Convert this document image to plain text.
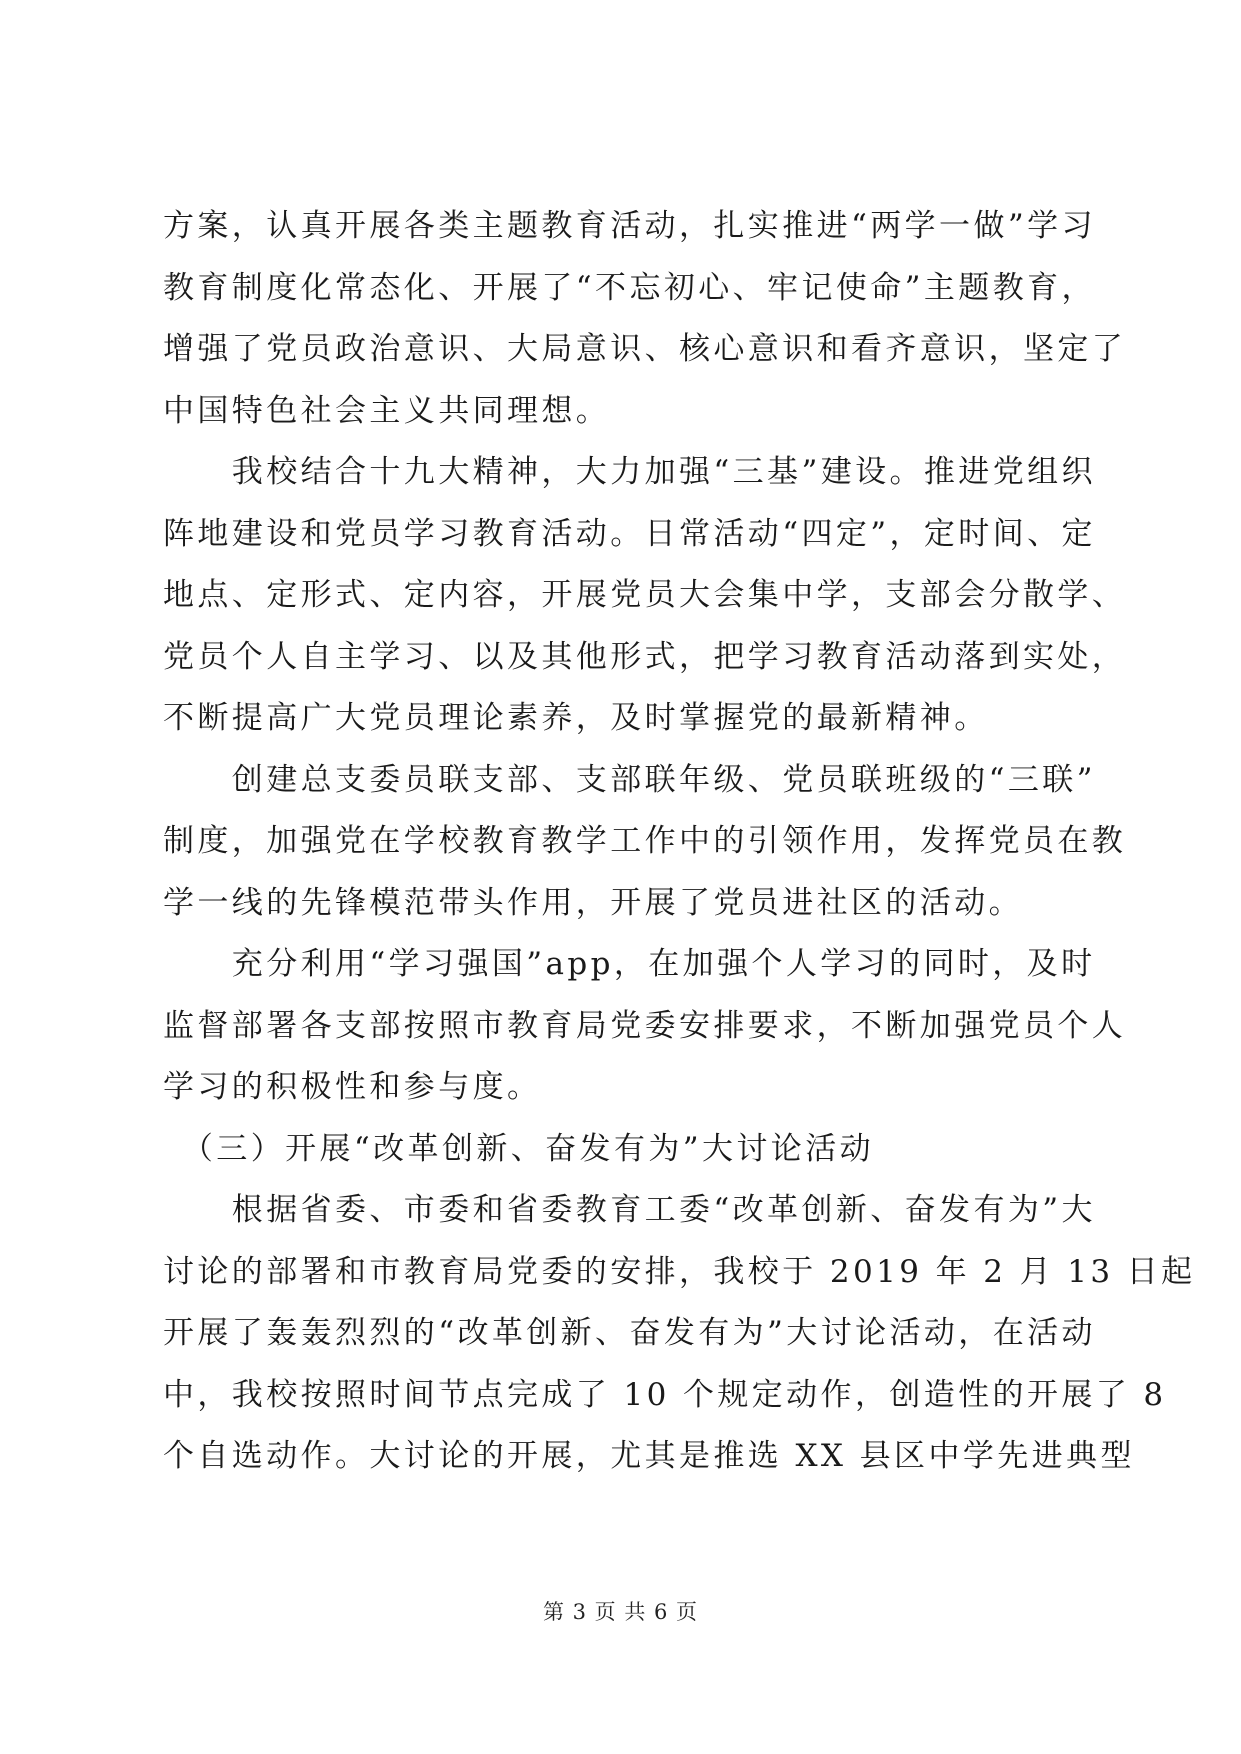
方案，认真开展各类主题教育活动，扎实推进“两学一做”学习
教育制度化常态化、开展了“不忘初心、牢记使命”主题教育，
增强了党员政治意识、大局意识、核心意识和看齐意识，坚定了
中国特色社会主义共同理想。
　　我校结合十九大精神，大力加强“三基”建设。推进党组织
阵地建设和党员学习教育活动。日常活动“四定”，定时间、定
地点、定形式、定内容，开展党员大会集中学，支部会分散学、
党员个人自主学习、以及其他形式，把学习教育活动落到实处，
不断提高广大党员理论素养，及时掌握党的最新精神。
　　创建总支委员联支部、支部联年级、党员联班级的“三联”
制度，加强党在学校教育教学工作中的引领作用，发挥党员在教
学一线的先锋模范带头作用，开展了党员进社区的活动。
　　充分利用“学习强国”app，在加强个人学习的同时，及时
监督部署各支部按照市教育局党委安排要求，不断加强党员个人
学习的积极性和参与度。
　（三）开展“改革创新、奋发有为”大讨论活动
　　根据省委、市委和省委教育工委“改革创新、奋发有为”大
讨论的部署和市教育局党委的安排，我校于 2019 年 2 月 13 日起
开展了轰轰烈烈的“改革创新、奋发有为”大讨论活动，在活动
中，我校按照时间节点完成了 10 个规定动作，创造性的开展了 8
个自选动作。大讨论的开展，尤其是推选 XX 县区中学先进典型
第 3 页 共 6 页
